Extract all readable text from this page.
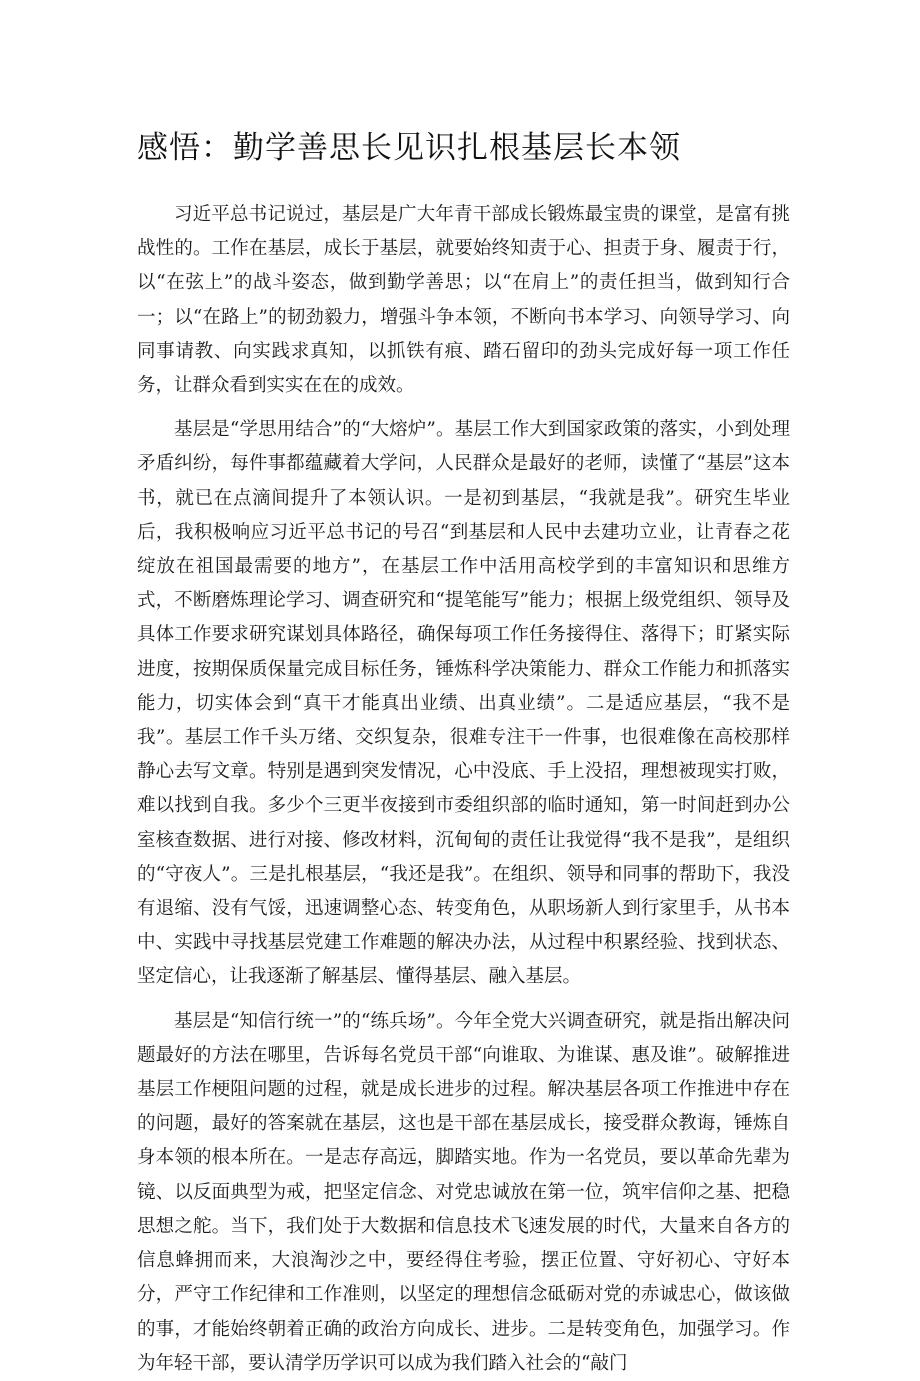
感悟：勤学善思长见识扎根基层长本领

习近平总书记说过，基层是广大年青干部成长锻炼最宝贵的课堂，是富有挑战性的。工作在基层，成长于基层，就要始终知责于心、担责于身、履责于行，以“在弦上”的战斗姿态，做到勤学善思；以“在肩上”的责任担当，做到知行合一；以“在路上”的韧劲毅力，增强斗争本领，不断向书本学习、向领导学习、向同事请教、向实践求真知，以抓铁有痕、踏石留印的劲头完成好每一项工作任务，让群众看到实实在在的成效。

基层是“学思用结合”的“大熔炉”。基层工作大到国家政策的落实，小到处理矛盾纠纷，每件事都蕴藏着大学问，人民群众是最好的老师，读懂了“基层”这本书，就已在点滴间提升了本领认识。一是初到基层，“我就是我”。研究生毕业后，我积极响应习近平总书记的号召“到基层和人民中去建功立业，让青春之花绽放在祖国最需要的地方”，在基层工作中活用高校学到的丰富知识和思维方式，不断磨炼理论学习、调查研究和“提笔能写”能力；根据上级党组织、领导及具体工作要求研究谋划具体路径，确保每项工作任务接得住、落得下；盯紧实际进度，按期保质保量完成目标任务，锤炼科学决策能力、群众工作能力和抓落实能力，切实体会到“真干才能真出业绩、出真业绩”。二是适应基层，“我不是我”。基层工作千头万绪、交织复杂，很难专注干一件事，也很难像在高校那样静心去写文章。特别是遇到突发情况，心中没底、手上没招，理想被现实打败，难以找到自我。多少个三更半夜接到市委组织部的临时通知，第一时间赶到办公室核查数据、进行对接、修改材料，沉甸甸的责任让我觉得“我不是我”，是组织的“守夜人”。三是扎根基层，“我还是我”。在组织、领导和同事的帮助下，我没有退缩、没有气馁，迅速调整心态、转变角色，从职场新人到行家里手，从书本中、实践中寻找基层党建工作难题的解决办法，从过程中积累经验、找到状态、坚定信心，让我逐渐了解基层、懂得基层、融入基层。

基层是“知信行统一”的“练兵场”。今年全党大兴调查研究，就是指出解决问题最好的方法在哪里，告诉每名党员干部“向谁取、为谁谋、惠及谁”。破解推进基层工作梗阻问题的过程，就是成长进步的过程。解决基层各项工作推进中存在的问题，最好的答案就在基层，这也是干部在基层成长，接受群众教诲，锤炼自身本领的根本所在。一是志存高远，脚踏实地。作为一名党员，要以革命先辈为镜、以反面典型为戒，把坚定信念、对党忠诚放在第一位，筑牢信仰之基、把稳思想之舵。当下，我们处于大数据和信息技术飞速发展的时代，大量来自各方的信息蜂拥而来，大浪淘沙之中，要经得住考验，摆正位置、守好初心、守好本分，严守工作纪律和工作准则，以坚定的理想信念砥砺对党的赤诚忠心，做该做的事，才能始终朝着正确的政治方向成长、进步。二是转变角色，加强学习。作为年轻干部，要认清学历学识可以成为我们踏入社会的“敲门
